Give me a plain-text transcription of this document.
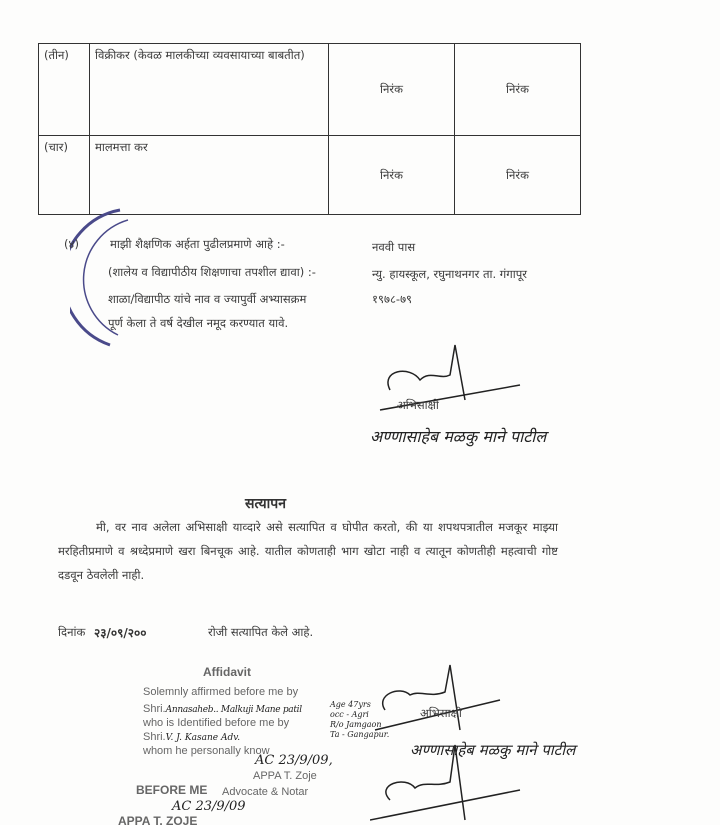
(तीन)	विक्रीकर (केवळ मालकीच्या व्यवसायाच्या बाबतीत)	निरंक	निरंक
(चार)	मालमत्ता कर	निरंक	निरंक
(४)	माझी शैक्षणिक अर्हता पुढीलप्रमाणे आहे :-
(शालेय व विद्यापीठीय शिक्षणाचा तपशील द्यावा) :-
शाळा/विद्यापीठ यांचे नाव व ज्यापुर्वी अभ्यासक्रम
पूर्ण केला ते वर्ष देखील नमूद करण्यात यावे.
नववी पास
न्यु. हायस्कूल, रघुनाथनगर ता. गंगापूर
१९७८-७९
अभिसाक्षी
अण्णासाहेब मळकु माने पाटील
सत्यापन
मी, वर नाव अलेला अभिसाक्षी याव्दारे असे सत्यापित व घोपीत करतो, की या शपथपत्रातील मजकूर माझ्या मरहितीप्रमाणे व श्रध्देप्रमाणे खरा बिनचूक आहे. यातील कोणताही भाग खोटा नाही व त्यातून कोणतीही महत्वाची गोष्ट दडवून ठेवलेली नाही.
दिनांक २३/०९/२००	रोजी सत्यापित केले आहे.
Affidavit
Solemnly affirmed before me by
Shri.Annasaheb.. Malkuji Mane patil
who is Identified before me by
Shri.V. J. Kasane Adv.
whom he personally know
Age 47yrs
occ - Agri
R/o Jamgaon
Ta - Gangapur.
AC 23/9/09,
APPA T. Zoje
BEFORE ME Advocate & Notar
AC 23/9/09
APPA T. ZOJE
अभिसाक्षी
अण्णासाहेब मळकु माने पाटील
